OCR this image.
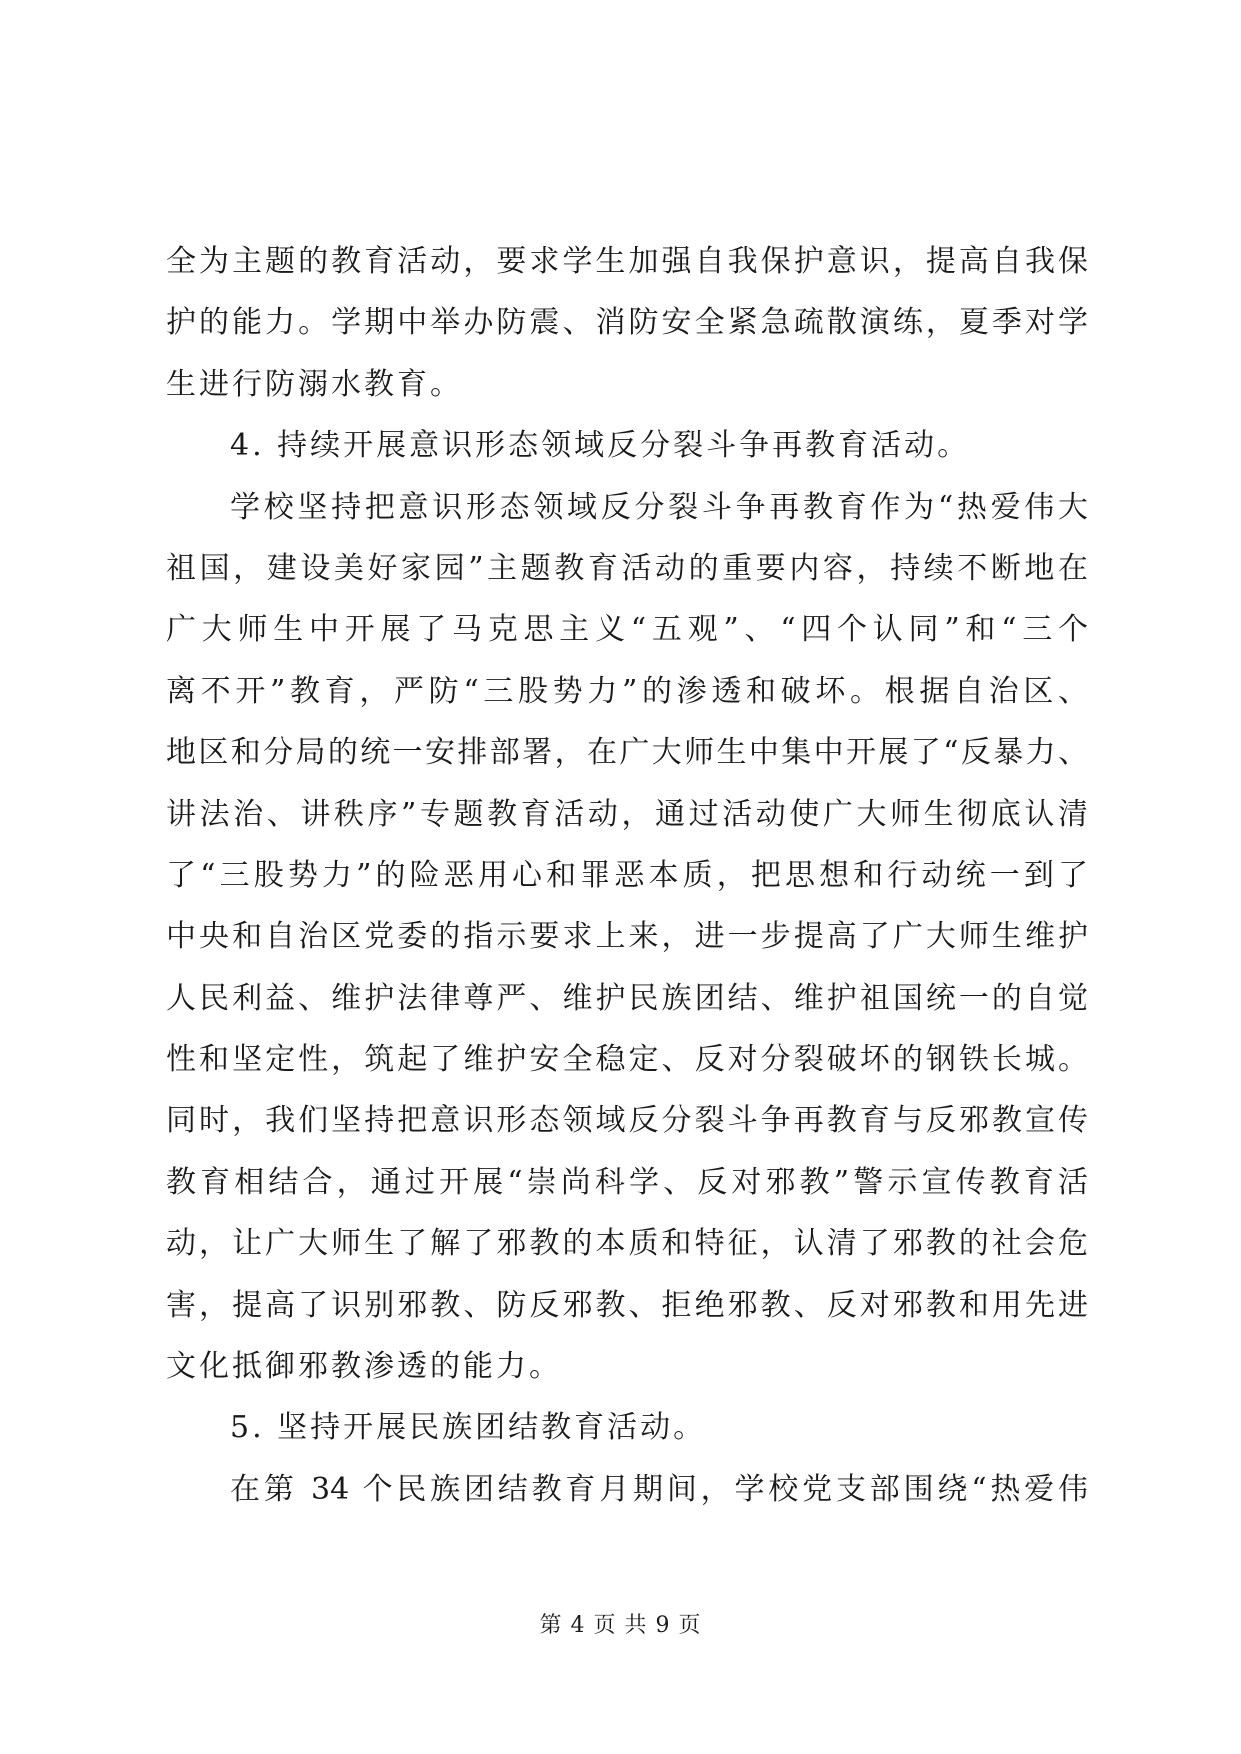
全为主题的教育活动，要求学生加强自我保护意识，提高自我保
护的能力。学期中举办防震、消防安全紧急疏散演练，夏季对学
生进行防溺水教育。
4. 持续开展意识形态领域反分裂斗争再教育活动。
学校坚持把意识形态领域反分裂斗争再教育作为“热爱伟大
祖国，建设美好家园”主题教育活动的重要内容，持续不断地在
广大师生中开展了马克思主义“五观”、“四个认同”和“三个
离不开”教育，严防“三股势力”的渗透和破坏。根据自治区、
地区和分局的统一安排部署，在广大师生中集中开展了“反暴力、
讲法治、讲秩序”专题教育活动，通过活动使广大师生彻底认清
了“三股势力”的险恶用心和罪恶本质，把思想和行动统一到了
中央和自治区党委的指示要求上来，进一步提高了广大师生维护
人民利益、维护法律尊严、维护民族团结、维护祖国统一的自觉
性和坚定性，筑起了维护安全稳定、反对分裂破坏的钢铁长城。
同时，我们坚持把意识形态领域反分裂斗争再教育与反邪教宣传
教育相结合，通过开展“崇尚科学、反对邪教”警示宣传教育活
动，让广大师生了解了邪教的本质和特征，认清了邪教的社会危
害，提高了识别邪教、防反邪教、拒绝邪教、反对邪教和用先进
文化抵御邪教渗透的能力。
5. 坚持开展民族团结教育活动。
在第 34 个民族团结教育月期间，学校党支部围绕“热爱伟
第 4 页 共 9 页
